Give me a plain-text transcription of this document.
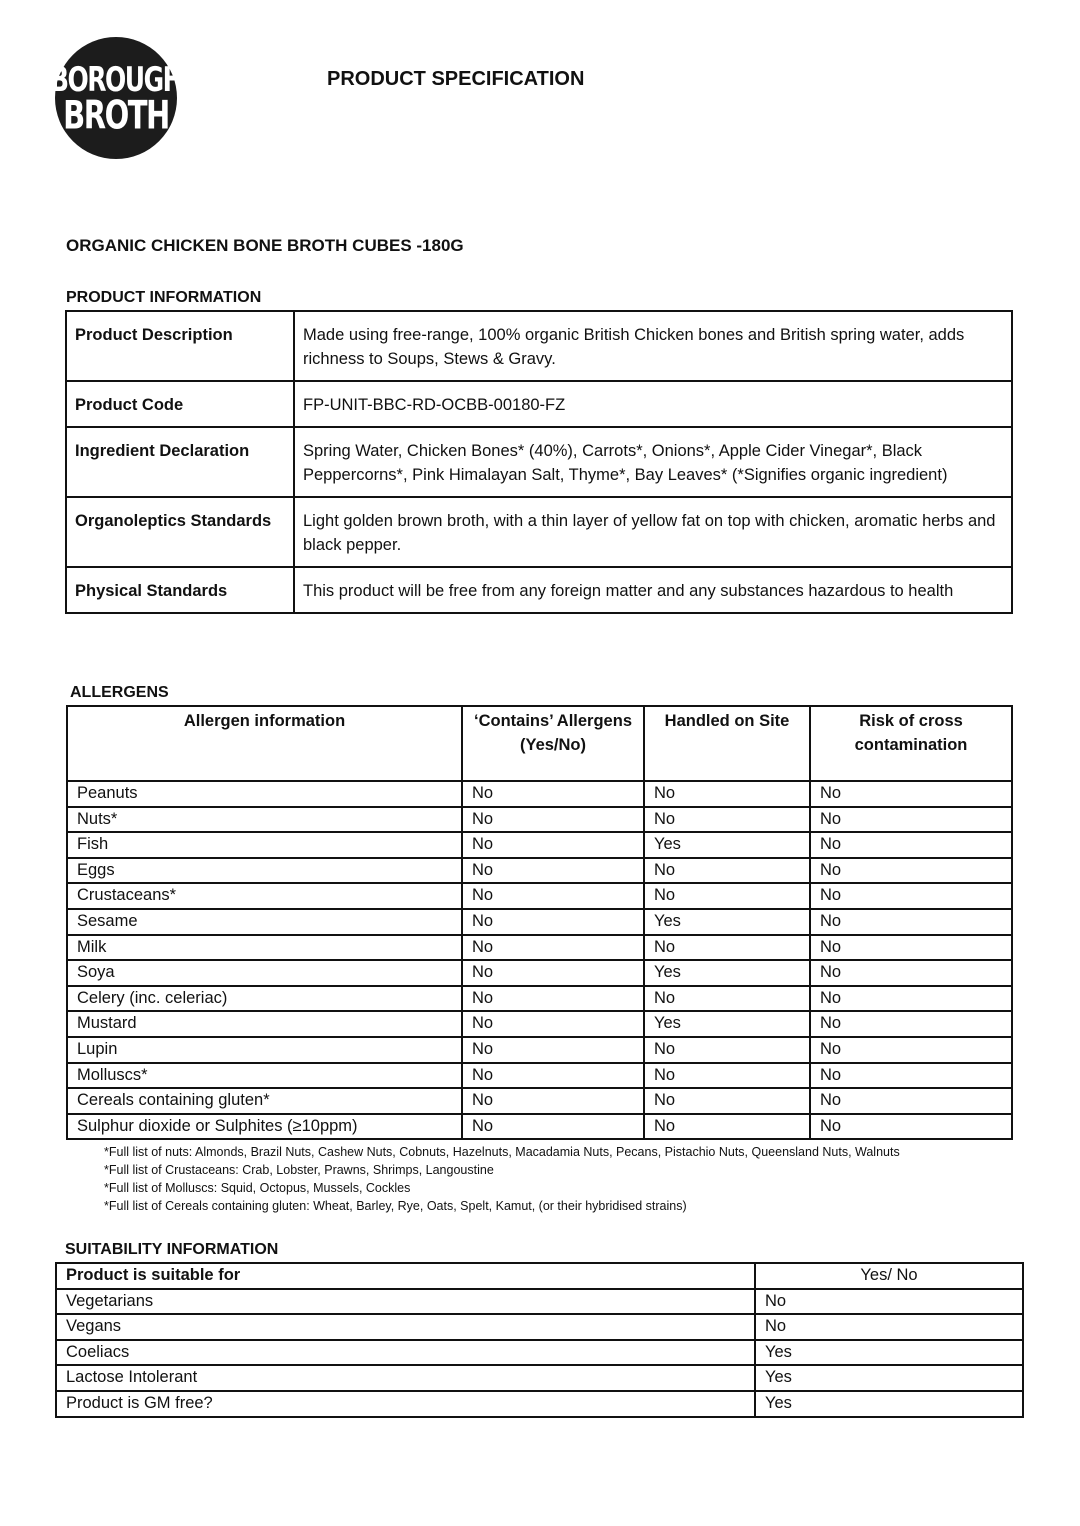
BOROUGH
BROTH
PRODUCT SPECIFICATION
ORGANIC CHICKEN BONE BROTH CUBES -180G
PRODUCT INFORMATION
Product Description	Made using free-range, 100% organic British Chicken bones and British spring water, adds richness to Soups, Stews & Gravy.
Product Code	FP-UNIT-BBC-RD-OCBB-00180-FZ
Ingredient Declaration	Spring Water, Chicken Bones* (40%), Carrots*, Onions*, Apple Cider Vinegar*, Black Peppercorns*, Pink Himalayan Salt, Thyme*, Bay Leaves* (*Signifies organic ingredient)
Organoleptics Standards	Light golden brown broth, with a thin layer of yellow fat on top with chicken, aromatic herbs and black pepper.
Physical Standards	This product will be free from any foreign matter and any substances hazardous to health
ALLERGENS
Allergen information	‘Contains’ Allergens (Yes/No)	Handled on Site	Risk of cross contamination
Peanuts	No	No	No
Nuts*	No	No	No
Fish	No	Yes	No
Eggs	No	No	No
Crustaceans*	No	No	No
Sesame	No	Yes	No
Milk	No	No	No
Soya	No	Yes	No
Celery (inc. celeriac)	No	No	No
Mustard	No	Yes	No
Lupin	No	No	No
Molluscs*	No	No	No
Cereals containing gluten*	No	No	No
Sulphur dioxide or Sulphites (≥10ppm)	No	No	No
*Full list of nuts: Almonds, Brazil Nuts, Cashew Nuts, Cobnuts, Hazelnuts, Macadamia Nuts, Pecans, Pistachio Nuts, Queensland Nuts, Walnuts
*Full list of Crustaceans: Crab, Lobster, Prawns, Shrimps, Langoustine
*Full list of Molluscs: Squid, Octopus, Mussels, Cockles
*Full list of Cereals containing gluten: Wheat, Barley, Rye, Oats, Spelt, Kamut, (or their hybridised strains)
SUITABILITY INFORMATION
Product is suitable for	Yes/ No
Vegetarians	No
Vegans	No
Coeliacs	Yes
Lactose Intolerant	Yes
Product is GM free?	Yes
